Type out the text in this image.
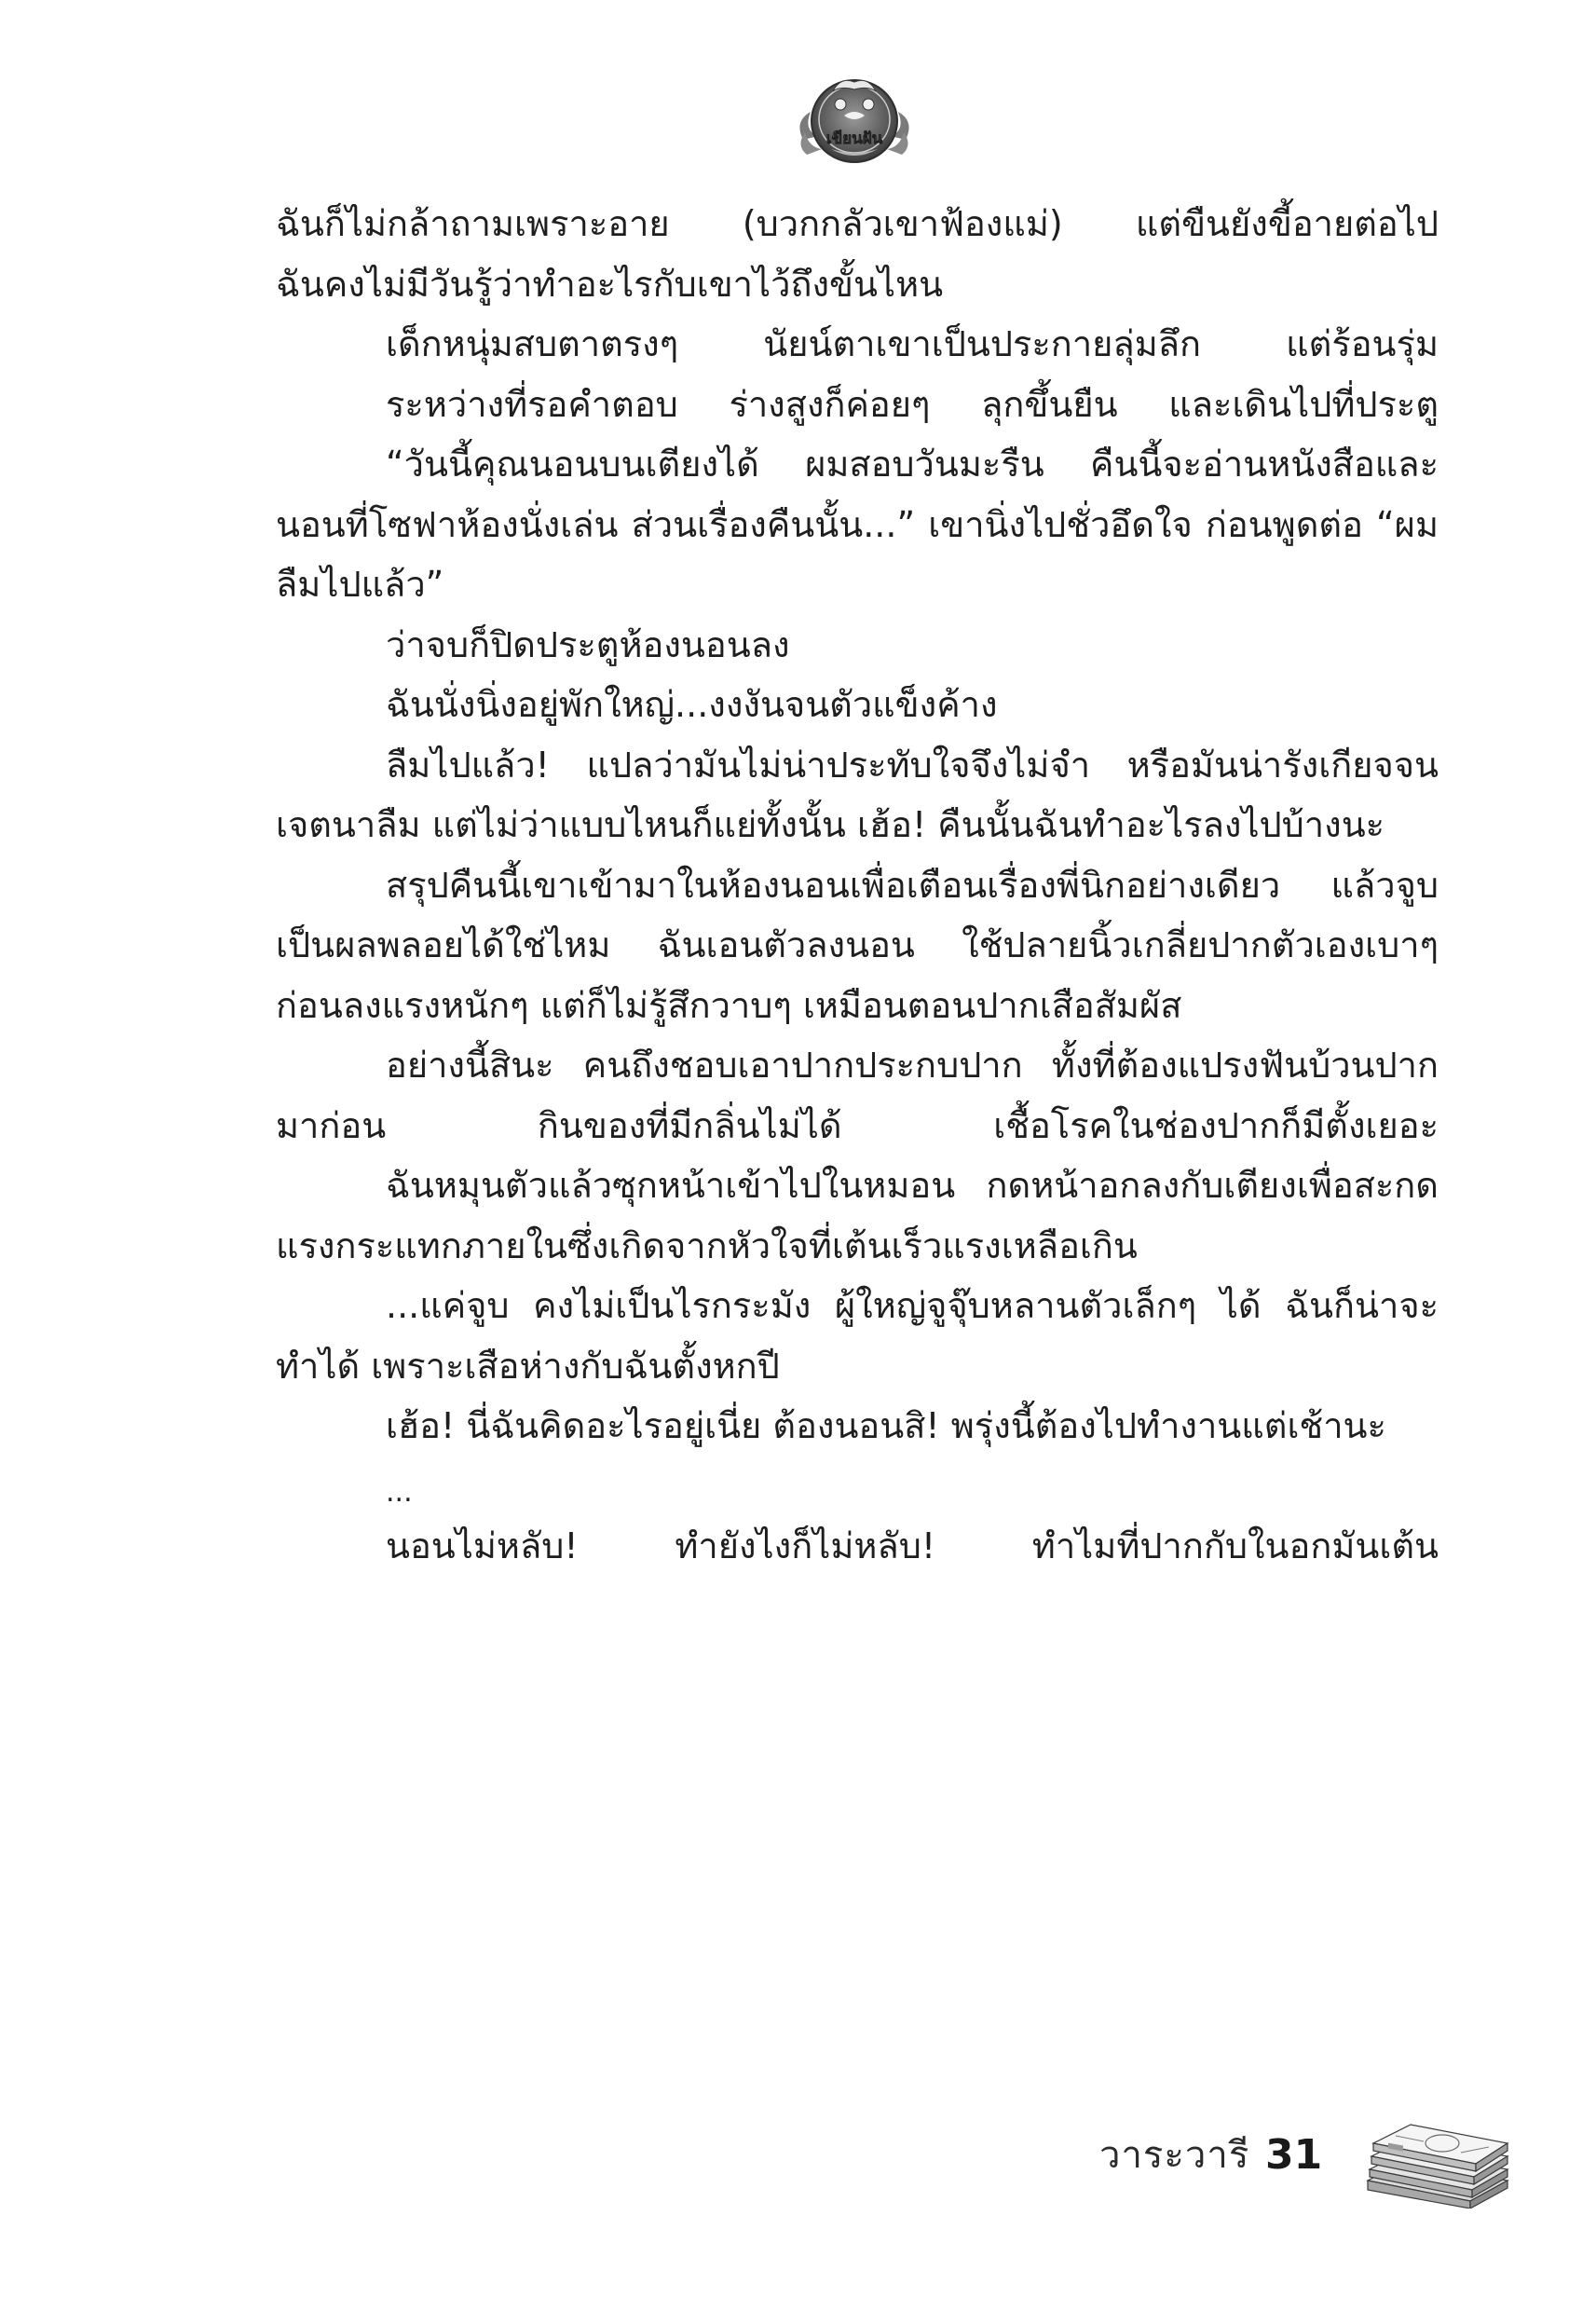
เขียนฝัน

ฉันก็ไม่กล้าถามเพราะอาย (บวกกลัวเขาฟ้องแม่) แต่ขืนยังขี้อายต่อไป

ฉันคงไม่มีวันรู้ว่าทำอะไรกับเขาไว้ถึงขั้นไหน

เด็กหนุ่มสบตาตรงๆ นัยน์ตาเขาเป็นประกายลุ่มลึก แต่ร้อนรุ่ม

ระหว่างที่รอคำตอบ ร่างสูงก็ค่อยๆ ลุกขึ้นยืน และเดินไปที่ประตู

“วันนี้คุณนอนบนเตียงได้ ผมสอบวันมะรืน คืนนี้จะอ่านหนังสือและนอนที่โซฟาห้องนั่งเล่น ส่วนเรื่องคืนนั้น...” เขานิ่งไปชั่วอึดใจ ก่อนพูดต่อ “ผมลืมไปแล้ว”

ว่าจบก็ปิดประตูห้องนอนลง

ฉันนั่งนิ่งอยู่พักใหญ่...งงงันจนตัวแข็งค้าง

ลืมไปแล้ว! แปลว่ามันไม่น่าประทับใจจึงไม่จำ หรือมันน่ารังเกียจจนเจตนาลืม แต่ไม่ว่าแบบไหนก็แย่ทั้งนั้น เฮ้อ! คืนนั้นฉันทำอะไรลงไปบ้างนะ

สรุปคืนนี้เขาเข้ามาในห้องนอนเพื่อเตือนเรื่องพี่นิกอย่างเดียว แล้วจูบเป็นผลพลอยได้ใช่ไหม ฉันเอนตัวลงนอน ใช้ปลายนิ้วเกลี่ยปากตัวเองเบาๆ ก่อนลงแรงหนักๆ แต่ก็ไม่รู้สึกวาบๆ เหมือนตอนปากเสือสัมผัส

อย่างนี้สินะ คนถึงชอบเอาปากประกบปาก ทั้งที่ต้องแปรงฟันบ้วนปากมาก่อน กินของที่มีกลิ่นไม่ได้ เชื้อโรคในช่องปากก็มีตั้งเยอะ

ฉันหมุนตัวแล้วซุกหน้าเข้าไปในหมอน กดหน้าอกลงกับเตียงเพื่อสะกดแรงกระแทกภายในซึ่งเกิดจากหัวใจที่เต้นเร็วแรงเหลือเกิน

...แค่จูบ คงไม่เป็นไรกระมัง ผู้ใหญ่จูจุ๊บหลานตัวเล็กๆ ได้ ฉันก็น่าจะทำได้ เพราะเสือห่างกับฉันตั้งหกปี

เฮ้อ! นี่ฉันคิดอะไรอยู่เนี่ย ต้องนอนสิ! พรุ่งนี้ต้องไปทำงานแต่เช้านะ

...

นอนไม่หลับ! ทำยังไงก็ไม่หลับ! ทำไมที่ปากกับในอกมันเต้น

วาระวารี 31
